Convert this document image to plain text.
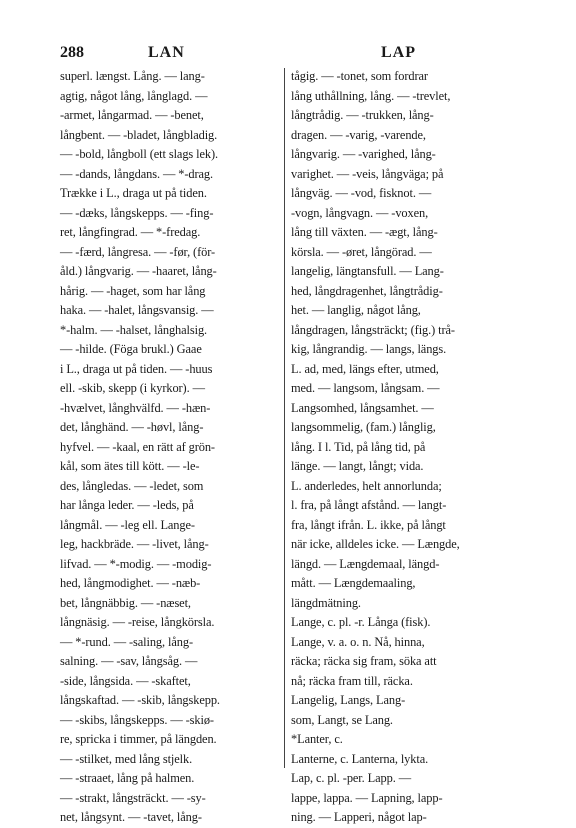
288	LAN	LAP
superl. længst. Lång. — lang-
agtig, något lång, långlagd. —
-armet, långarmad. — -benet,
långbent. — -bladet, långbladig.
— -bold, långboll (ett slags lek).
— -dands, långdans. — *-drag.
Trække i L., draga ut på tiden.
— -dæks, långskepps. — -fing-
ret, långfingrad. — *-fredag.
— -færd, långresa. — -før, (för-
åld.) långvarig. — -haaret, lång-
hårig. — -haget, som har lång
haka. — -halet, långsvansig. —
*-halm. — -halset, långhalsig.
— -hilde. (Föga brukl.) Gaae
i L., draga ut på tiden. — -huus
ell. -skib, skepp (i kyrkor). —
-hvælvet, långhvälfd. — -hæn-
det, långhänd. — -høvl, lång-
hyfvel. — -kaal, en rätt af grön-
kål, som ätes till kött. — -le-
des, långledas. — -ledet, som
har långa leder. — -leds, på
långmål. — -leg ell. Lange-
leg, hackbräde. — -livet, lång-
lifvad. — *-modig. — -modig-
hed, långmodighet. — -næb-
bet, långnäbbig. — -næset,
långnäsig. — -reise, långkörsla.
— *-rund. — -saling, lång-
salning. — -sav, långsåg. —
-side, långsida. — -skaftet,
långskaftad. — -skib, långskepp.
— -skibs, långskepps. — -skiø-
re, spricka i timmer, på längden.
— -stilket, med lång stjelk.
— -straaet, lång på halmen.
— -strakt, långsträckt. — -sy-
net, långsynt. — -tavet, lång-
tågig. — -tonet, som fordrar
lång uthållning, lång. — -trevlet,
långtrådig. — -trukken, lång-
dragen. — -varig, -varende,
långvarig. — -varighed, lång-
varighet. — -veis, långväga; på
långväg. — -vod, fisknot. —
-vogn, långvagn. — -voxen,
lång till växten. — -ægt, lång-
körsla. — -øret, långörad. —
langelig, längtansfull. — Lang-
hed, långdragenhet, långtrådig-
het. — langlig, något lång,
långdragen, långsträckt; (fig.) trå-
kig, långrandig. — langs, längs.
L. ad, med, längs efter, utmed,
med. — langsom, långsam. —
Langsomhed, långsamhet. —
langsommelig, (fam.) långlig,
lång. I l. Tid, på lång tid, på
länge. — langt, långt; vida.
L. anderledes, helt annorlunda;
l. fra, på långt afstånd. — langt-
fra, långt ifrån. L. ikke, på långt
när icke, alldeles icke. — Længde,
längd. — Længdemaal, längd-
mått. — Længdemaaling,
längdmätning.
Lange, c. pl. -r. Långa (fisk).
Lange, v. a. o. n. Nå, hinna,
räcka; räcka sig fram, söka att
nå; räcka fram till, räcka.
Langelig, Langs, Lang-
som, Langt, se Lang.
*Lanter, c.
Lanterne, c. Lanterna, lykta.
Lap, c. pl. -per. Lapp. —
lappe, lappa. — Lapning, lapp-
ning. — Lapperi, något lap-
